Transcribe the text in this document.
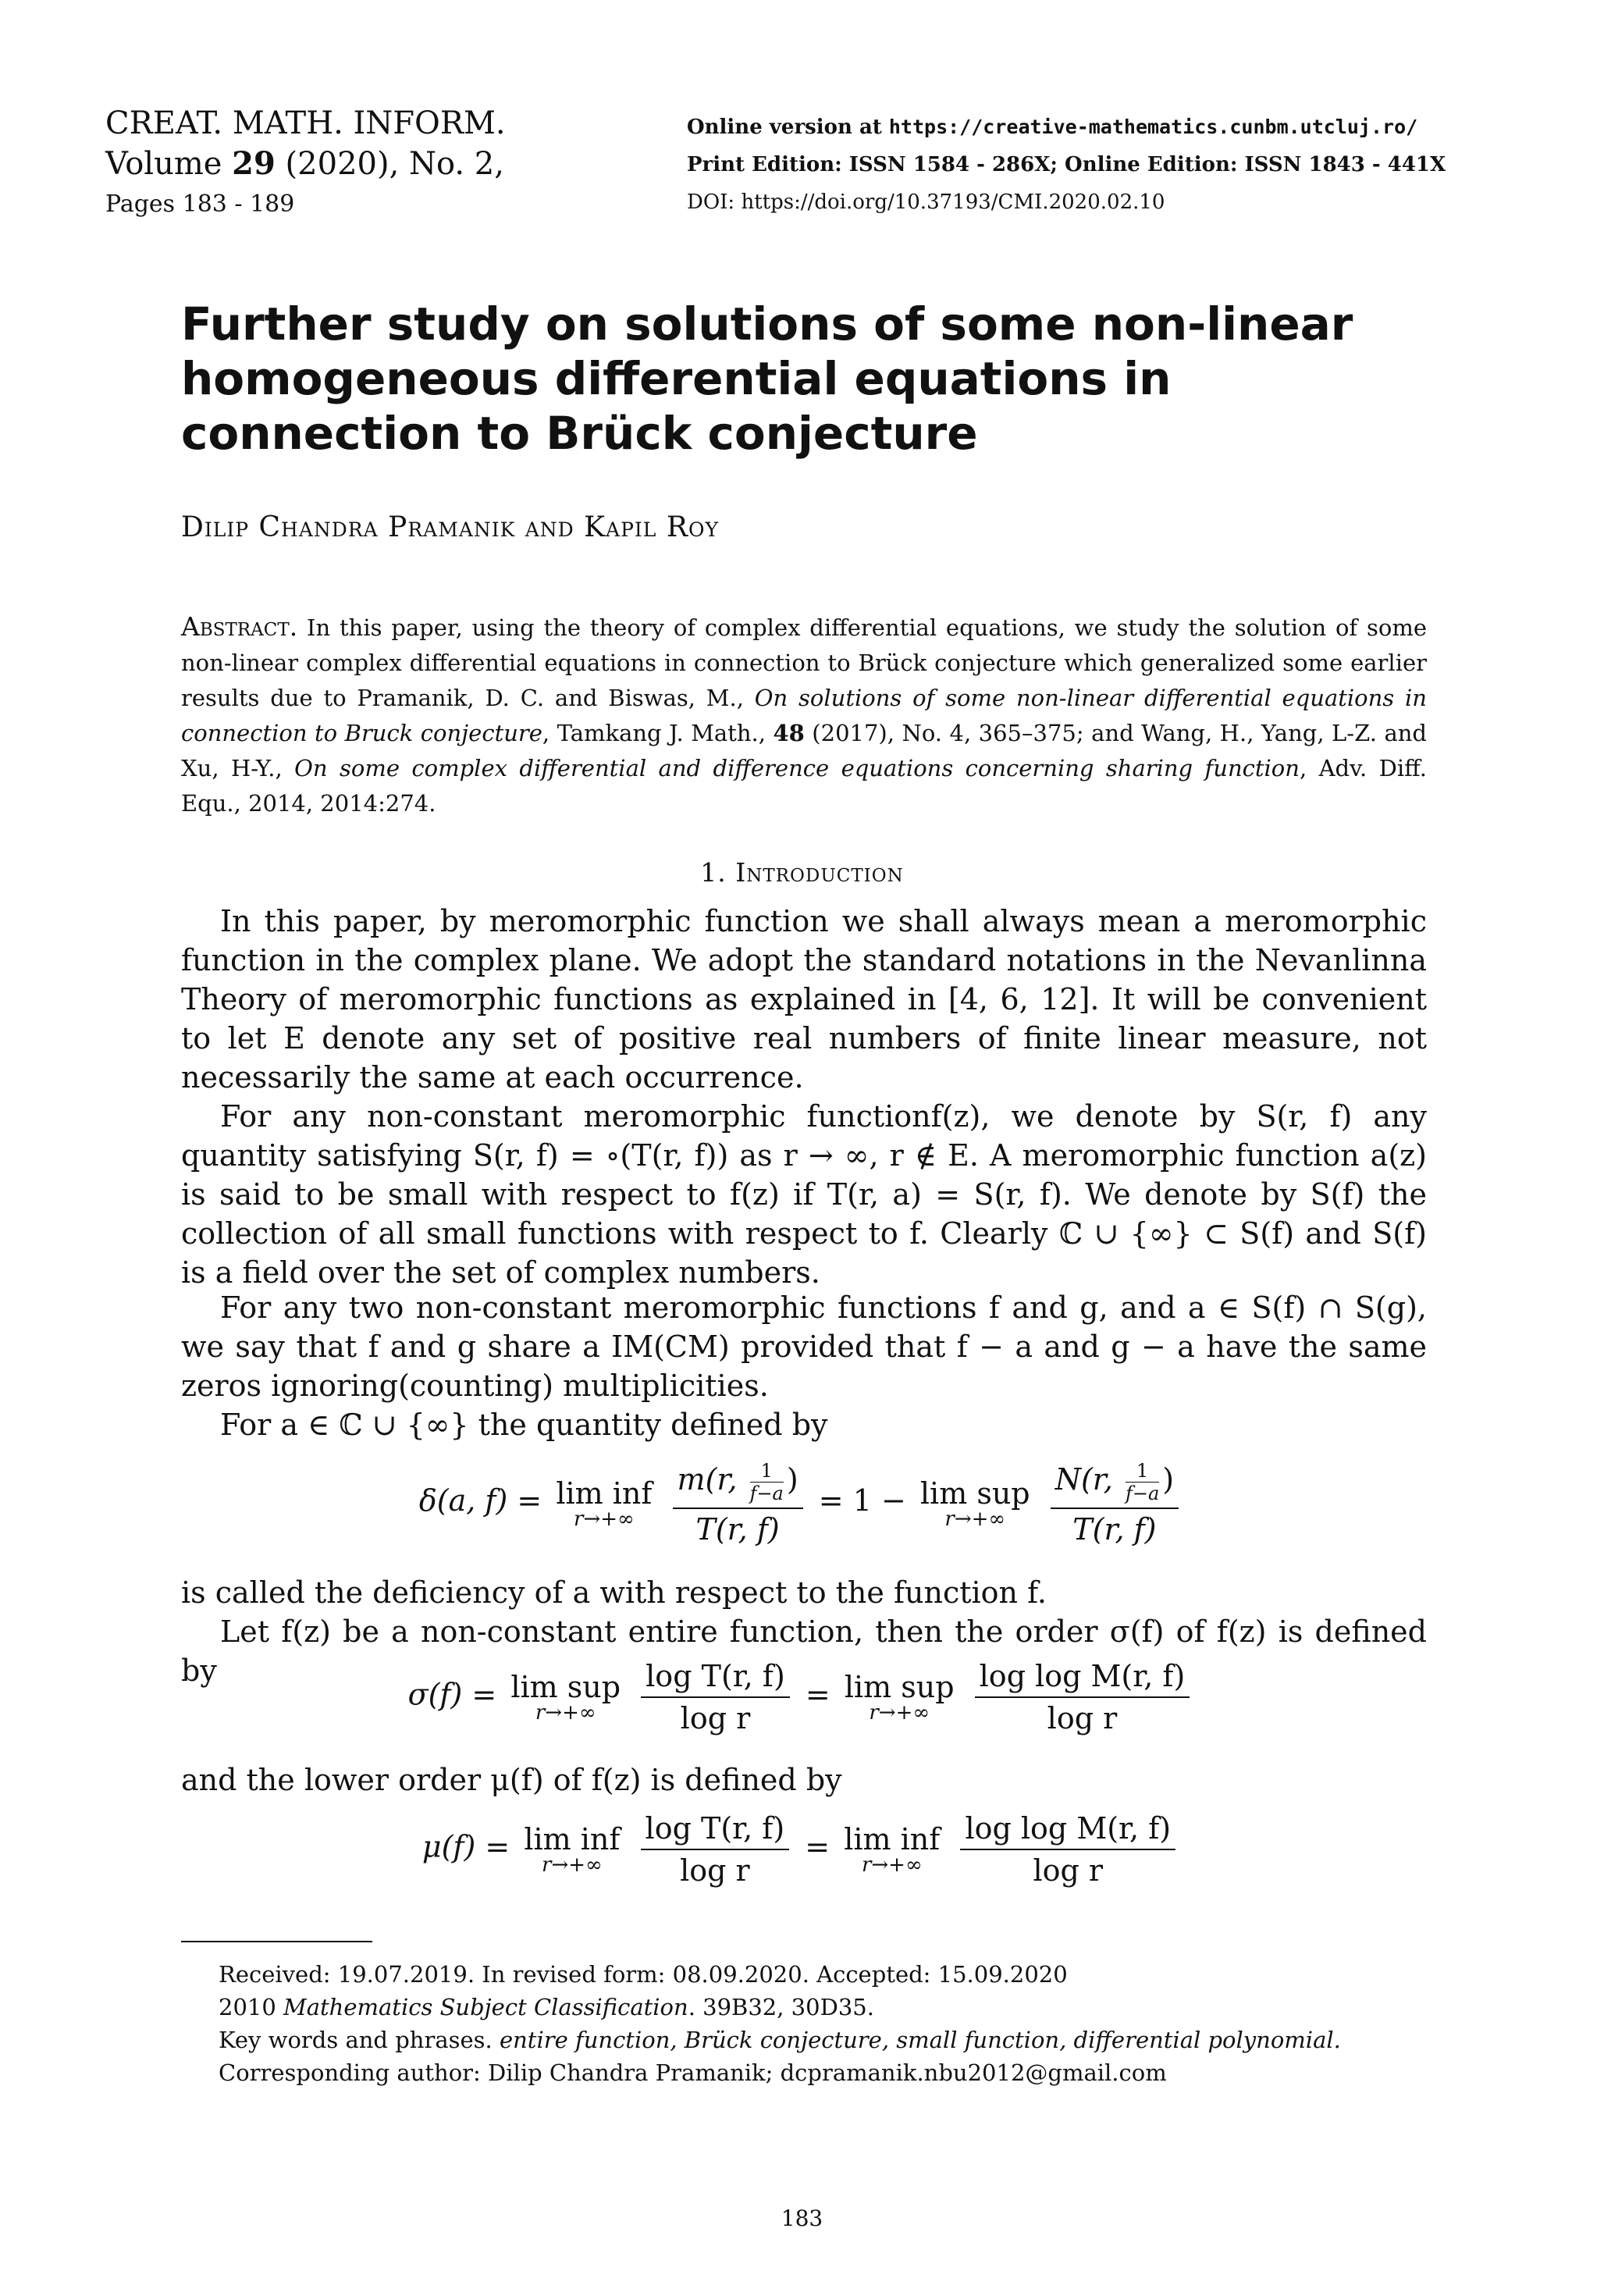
CREAT. MATH. INFORM.
Volume 29 (2020), No. 2,
Pages 183 - 189
Online version at https://creative-mathematics.cunbm.utcluj.ro/
Print Edition: ISSN 1584 - 286X; Online Edition: ISSN 1843 - 441X
DOI: https://doi.org/10.37193/CMI.2020.02.10
Further study on solutions of some non-linear homogeneous differential equations in connection to Brück conjecture
Dilip Chandra Pramanik and Kapil Roy
Abstract. In this paper, using the theory of complex differential equations, we study the solution of some non-linear complex differential equations in connection to Brück conjecture which generalized some earlier results due to Pramanik, D. C. and Biswas, M., On solutions of some non-linear differential equations in connection to Bruck conjecture, Tamkang J. Math., 48 (2017), No. 4, 365–375; and Wang, H., Yang, L-Z. and Xu, H-Y., On some complex differential and difference equations concerning sharing function, Adv. Diff. Equ., 2014, 2014:274.
1. Introduction
In this paper, by meromorphic function we shall always mean a meromorphic function in the complex plane. We adopt the standard notations in the Nevanlinna Theory of meromorphic functions as explained in [4, 6, 12]. It will be convenient to let E denote any set of positive real numbers of finite linear measure, not necessarily the same at each occurrence.
For any non-constant meromorphic functionf(z), we denote by S(r, f) any quantity satisfying S(r, f) = ∘(T(r, f)) as r → ∞, r ∉ E. A meromorphic function a(z) is said to be small with respect to f(z) if T(r, a) = S(r, f). We denote by S(f) the collection of all small functions with respect to f. Clearly ℂ ∪ {∞} ⊂ S(f) and S(f) is a field over the set of complex numbers.
For any two non-constant meromorphic functions f and g, and a ∈ S(f) ∩ S(g), we say that f and g share a IM(CM) provided that f − a and g − a have the same zeros ignoring(counting) multiplicities.
For a ∈ ℂ ∪ {∞} the quantity defined by
δ(a, f) = lim inf
r→+∞
	$\frac{m(r, \frac{1}{f-a} )}{T(r, f)} = 1 - \lim$ sup
r→+∞
	$\frac{N(r, \frac{1}{f-a} )}{T(r, f)}$
is called the deficiency of a with respect to the function f.
Let f(z) be a non-constant entire function, then the order σ(f) of f(z) is defined by
σ(f) = lim sup
r→+∞
	$\frac{\text{log T(r, f)}}{\text{log r}} = \lim$ sup
r→+∞
	$\frac{\text{log log M(r, f)}}{\text{log r}}$
and the lower order μ(f) of f(z) is defined by
μ(f) = lim inf
r→+∞
	$\frac{\text{log T(r, f)}}{\text{log r}} = \lim$ inf
r→+∞
	$\frac{\text{log log M(r, f)}}{\text{log r}}$
Received: 19.07.2019. In revised form: 08.09.2020. Accepted: 15.09.2020
2010 Mathematics Subject Classification. 39B32, 30D35.
Key words and phrases. entire function, Brück conjecture, small function, differential polynomial.
Corresponding author: Dilip Chandra Pramanik; dcpramanik.nbu2012@gmail.com
183
